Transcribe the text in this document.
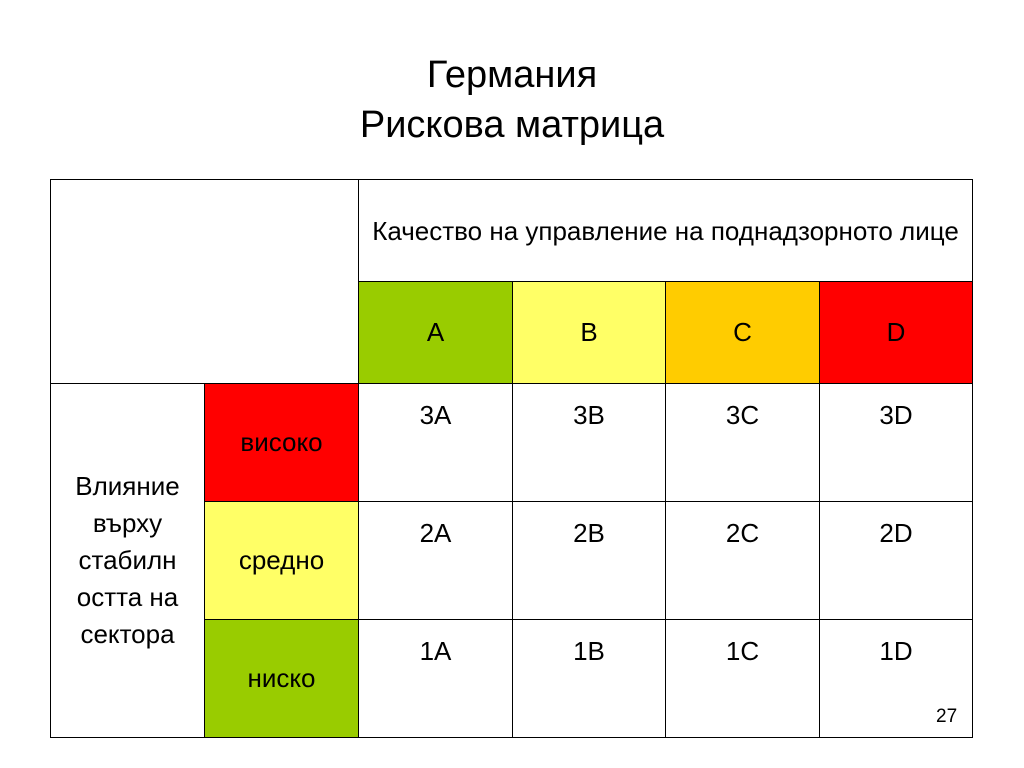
Германия
Рискова матрица
		Качество на управление на поднадзорното лице			
		A	B	C	D
Влияние върху стабилн остта на сектора	високо	3A	3B	3C	3D
	средно	2A	2B	2C	2D
	ниско	1A	1B	1C	1D
27
